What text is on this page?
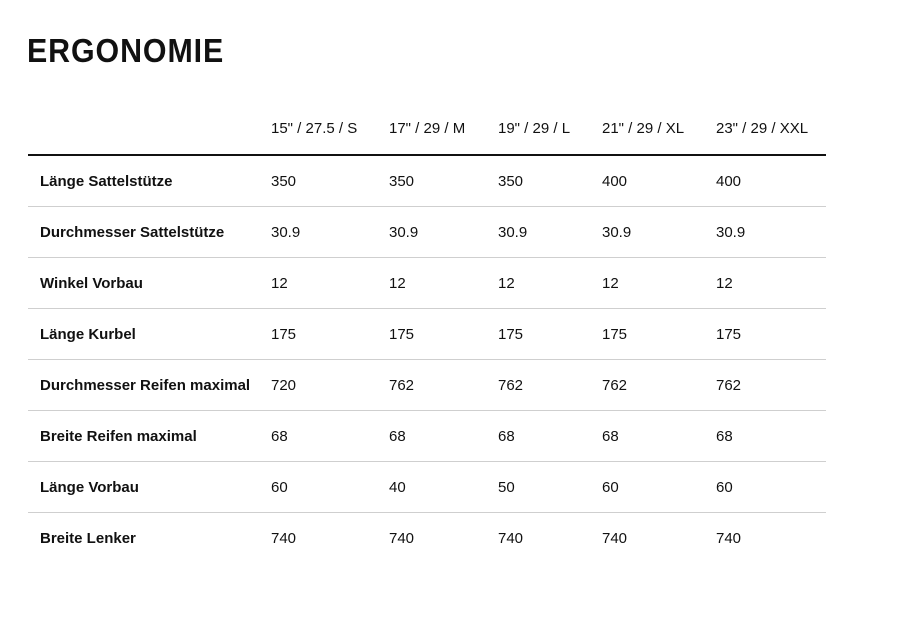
ERGONOMIE
	15" / 27.5 / S	17" / 29 / M	19" / 29 / L	21" / 29 / XL	23" / 29 / XXL
Länge Sattelstütze	350	350	350	400	400
Durchmesser Sattelstütze	30.9	30.9	30.9	30.9	30.9
Winkel Vorbau	12	12	12	12	12
Länge Kurbel	175	175	175	175	175
Durchmesser Reifen maximal	720	762	762	762	762
Breite Reifen maximal	68	68	68	68	68
Länge Vorbau	60	40	50	60	60
Breite Lenker	740	740	740	740	740
